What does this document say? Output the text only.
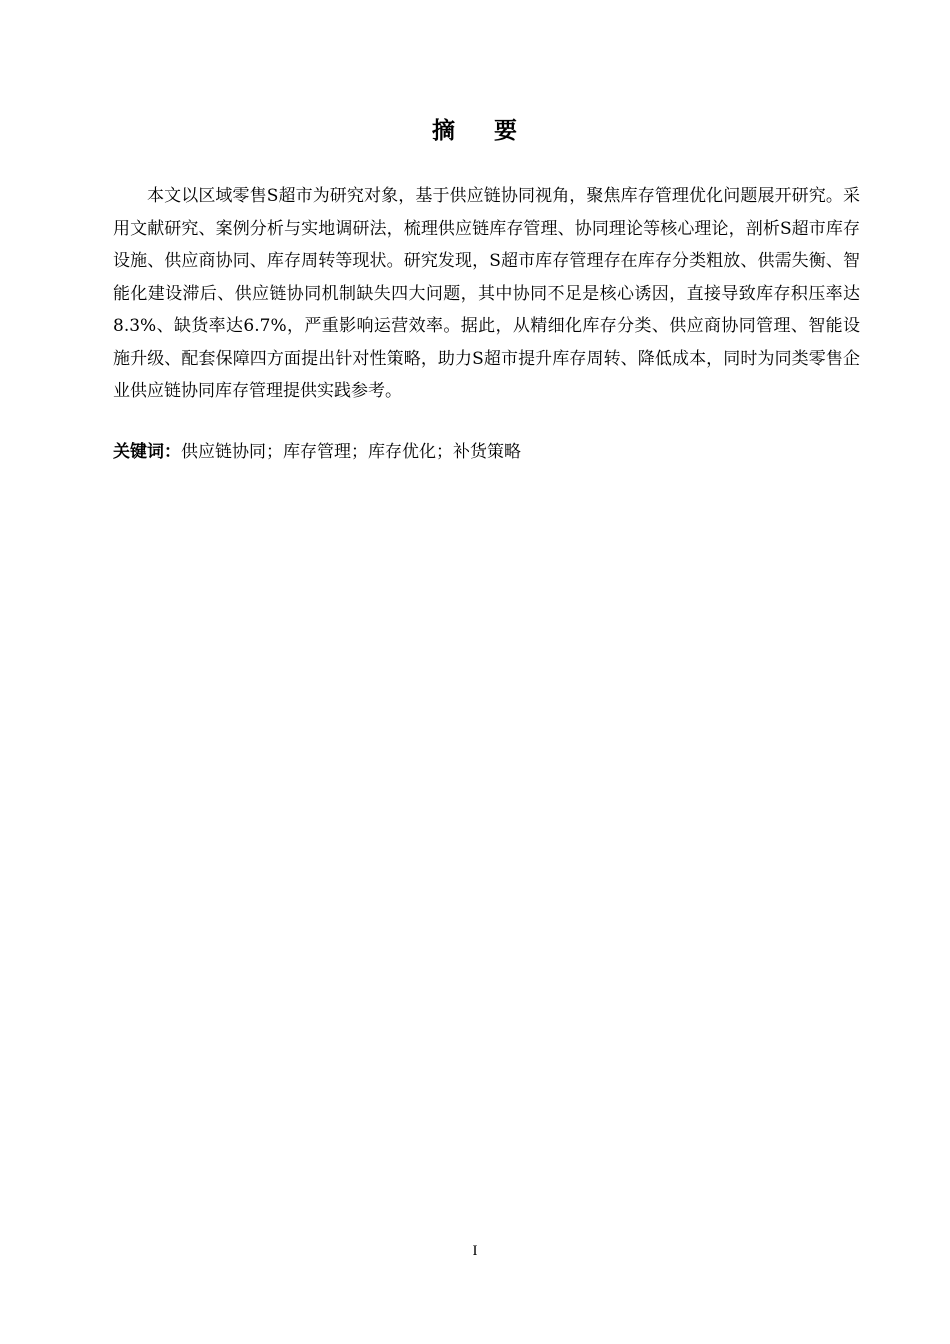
摘 要

本文以区域零售S超市为研究对象，基于供应链协同视角，聚焦库存管理优化问题展开研究。采用文献研究、案例分析与实地调研法，梳理供应链库存管理、协同理论等核心理论，剖析S超市库存设施、供应商协同、库存周转等现状。研究发现，S超市库存管理存在库存分类粗放、供需失衡、智能化建设滞后、供应链协同机制缺失四大问题，其中协同不足是核心诱因，直接导致库存积压率达8.3%、缺货率达6.7%，严重影响运营效率。据此，从精细化库存分类、供应商协同管理、智能设施升级、配套保障四方面提出针对性策略，助力S超市提升库存周转、降低成本，同时为同类零售企业供应链协同库存管理提供实践参考。

关键词：供应链协同；库存管理；库存优化；补货策略

I
